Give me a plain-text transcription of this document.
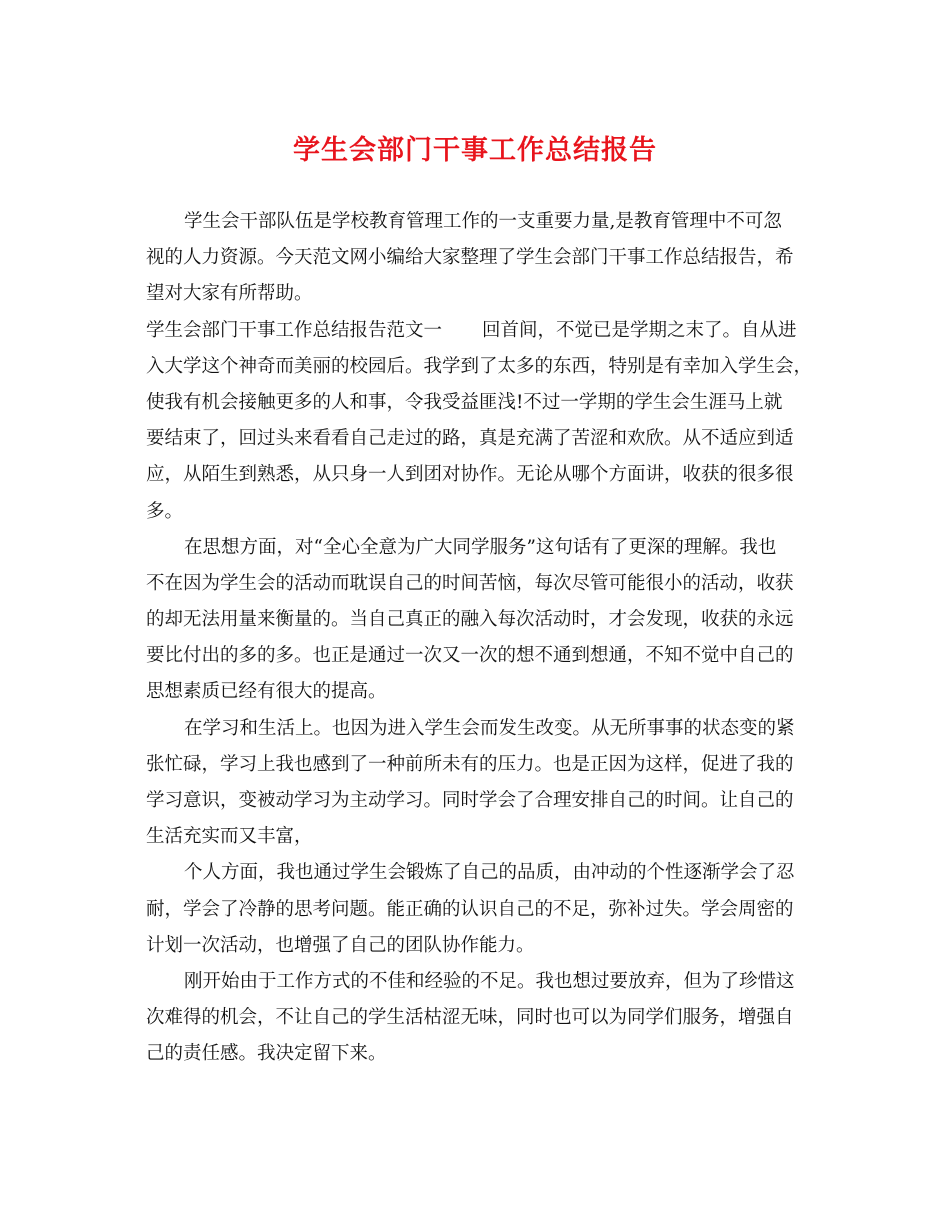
学生会部门干事工作总结报告
学生会干部队伍是学校教育管理工作的一支重要力量,是教育管理中不可忽
视的人力资源。今天范文网小编给大家整理了学生会部门干事工作总结报告，希
望对大家有所帮助。
学生会部门干事工作总结报告范文一 回首间，不觉已是学期之末了。自从进
入大学这个神奇而美丽的校园后。我学到了太多的东西，特别是有幸加入学生会，
使我有机会接触更多的人和事，令我受益匪浅!不过一学期的学生会生涯马上就
要结束了，回过头来看看自己走过的路，真是充满了苦涩和欢欣。从不适应到适
应，从陌生到熟悉，从只身一人到团对协作。无论从哪个方面讲，收获的很多很
多。
在思想方面，对“全心全意为广大同学服务”这句话有了更深的理解。我也
不在因为学生会的活动而耽误自己的时间苦恼，每次尽管可能很小的活动，收获
的却无法用量来衡量的。当自己真正的融入每次活动时，才会发现，收获的永远
要比付出的多的多。也正是通过一次又一次的想不通到想通，不知不觉中自己的
思想素质已经有很大的提高。
在学习和生活上。也因为进入学生会而发生改变。从无所事事的状态变的紧
张忙碌，学习上我也感到了一种前所未有的压力。也是正因为这样，促进了我的
学习意识，变被动学习为主动学习。同时学会了合理安排自己的时间。让自己的
生活充实而又丰富，
个人方面，我也通过学生会锻炼了自己的品质，由冲动的个性逐渐学会了忍
耐，学会了冷静的思考问题。能正确的认识自己的不足，弥补过失。学会周密的
计划一次活动，也增强了自己的团队协作能力。
刚开始由于工作方式的不佳和经验的不足。我也想过要放弃，但为了珍惜这
次难得的机会，不让自己的学生活枯涩无味，同时也可以为同学们服务，增强自
己的责任感。我决定留下来。
